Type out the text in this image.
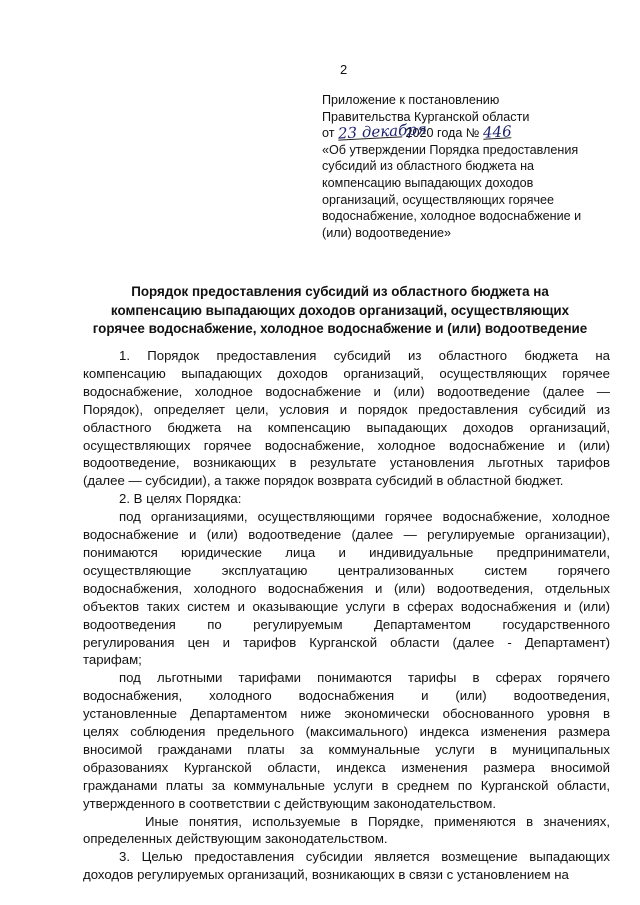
2
Приложение к постановлению
Правительства Курганской области
от 23 декабря 2020 года № 446
«Об утверждении Порядка предоставления
субсидий из областного бюджета на
компенсацию выпадающих доходов
организаций, осуществляющих горячее
водоснабжение, холодное водоснабжение и
(или) водоотведение»
Порядок предоставления субсидий из областного бюджета на
компенсацию выпадающих доходов организаций, осуществляющих
горячее водоснабжение, холодное водоснабжение и (или) водоотведение
1. Порядок предоставления субсидий из областного бюджета на
компенсацию выпадающих доходов организаций, осуществляющих горячее
водоснабжение, холодное водоснабжение и (или) водоотведение (далее —
Порядок), определяет цели, условия и порядок предоставления субсидий из
областного бюджета на компенсацию выпадающих доходов организаций,
осуществляющих горячее водоснабжение, холодное водоснабжение и (или)
водоотведение, возникающих в результате установления льготных тарифов
(далее — субсидии), а также порядок возврата субсидий в областной бюджет.
2. В целях Порядка:
под организациями, осуществляющими горячее водоснабжение, холодное
водоснабжение и (или) водоотведение (далее — регулируемые организации),
понимаются юридические лица и индивидуальные предприниматели,
осуществляющие эксплуатацию централизованных систем горячего
водоснабжения, холодного водоснабжения и (или) водоотведения, отдельных
объектов таких систем и оказывающие услуги в сферах водоснабжения и (или)
водоотведения по регулируемым Департаментом государственного
регулирования цен и тарифов Курганской области (далее - Департамент)
тарифам;
под льготными тарифами понимаются тарифы в сферах горячего
водоснабжения, холодного водоснабжения и (или) водоотведения,
установленные Департаментом ниже экономически обоснованного уровня в
целях соблюдения предельного (максимального) индекса изменения размера
вносимой гражданами платы за коммунальные услуги в муниципальных
образованиях Курганской области, индекса изменения размера вносимой
гражданами платы за коммунальные услуги в среднем по Курганской области,
утвержденного в соответствии с действующим законодательством.
Иные понятия, используемые в Порядке, применяются в значениях,
определенных действующим законодательством.
3. Целью предоставления субсидии является возмещение выпадающих
доходов регулируемых организаций, возникающих в связи с установлением на
